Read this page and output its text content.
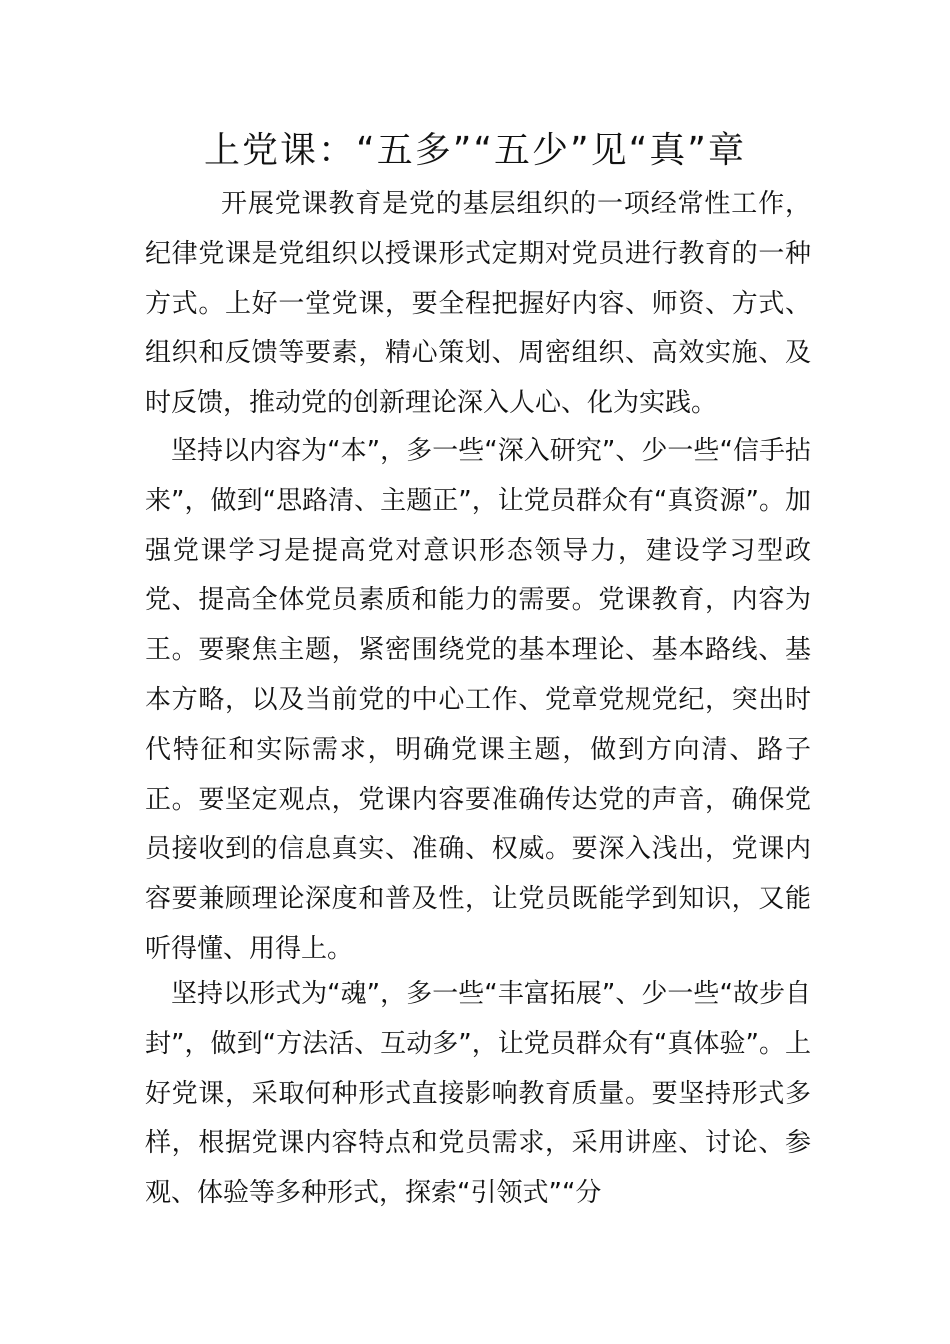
上党课：“五多”“五少”见“真”章

开展党课教育是党的基层组织的一项经常性工作，纪律党课是党组织以授课形式定期对党员进行教育的一种方式。上好一堂党课，要全程把握好内容、师资、方式、组织和反馈等要素，精心策划、周密组织、高效实施、及时反馈，推动党的创新理论深入人心、化为实践。

坚持以内容为“本”，多一些“深入研究”、少一些“信手拈来”，做到“思路清、主题正”，让党员群众有“真资源”。加强党课学习是提高党对意识形态领导力，建设学习型政党、提高全体党员素质和能力的需要。党课教育，内容为王。要聚焦主题，紧密围绕党的基本理论、基本路线、基本方略，以及当前党的中心工作、党章党规党纪，突出时代特征和实际需求，明确党课主题，做到方向清、路子正。要坚定观点，党课内容要准确传达党的声音，确保党员接收到的信息真实、准确、权威。要深入浅出，党课内容要兼顾理论深度和普及性，让党员既能学到知识，又能听得懂、用得上。

坚持以形式为“魂”，多一些“丰富拓展”、少一些“故步自封”，做到“方法活、互动多”，让党员群众有“真体验”。上好党课，采取何种形式直接影响教育质量。要坚持形式多样，根据党课内容特点和党员需求，采用讲座、讨论、参观、体验等多种形式，探索“引领式”“分
